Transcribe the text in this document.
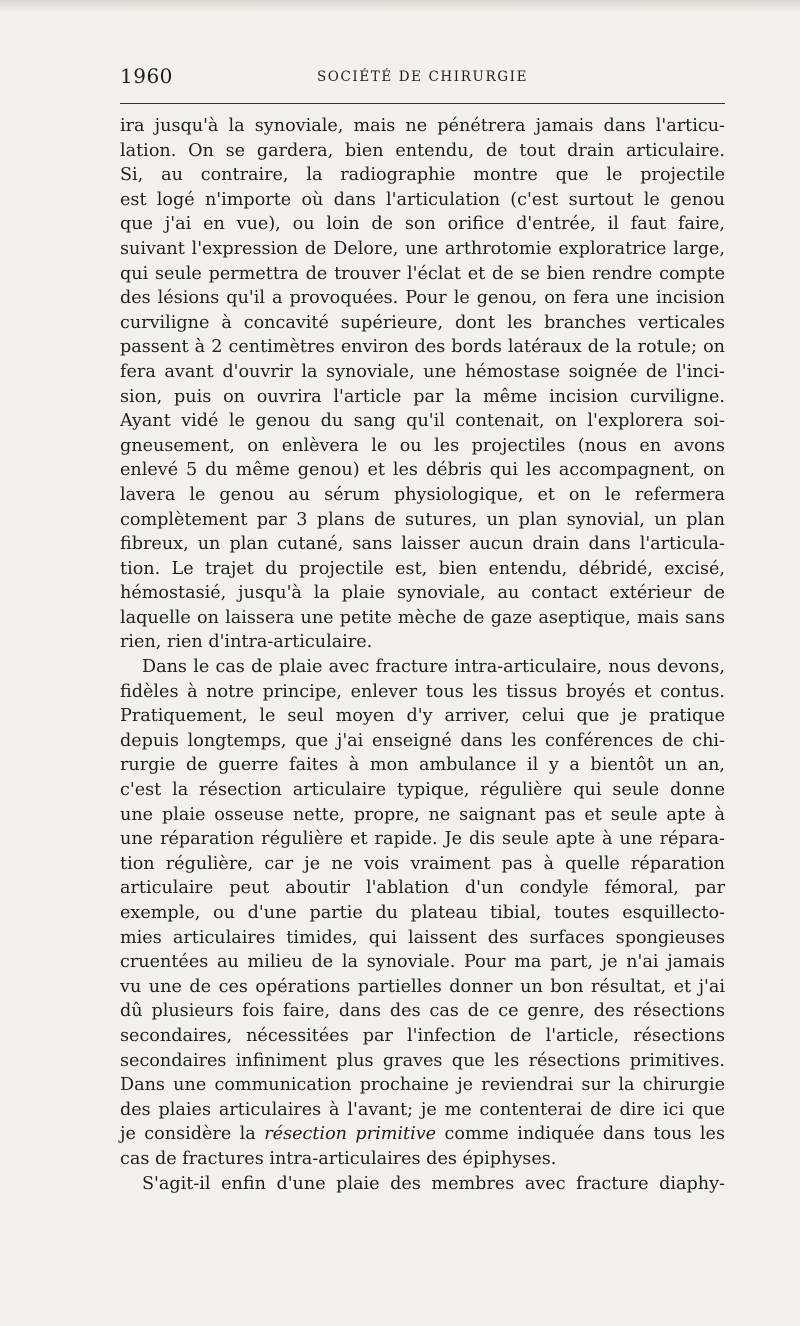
1960	SOCIÉTÉ DE CHIRURGIE
ira jusqu'à la synoviale, mais ne pénétrera jamais dans l'articu-
lation. On se gardera, bien entendu, de tout drain articulaire.
Si, au contraire, la radiographie montre que le projectile
est logé n'importe où dans l'articulation (c'est surtout le genou
que j'ai en vue), ou loin de son orifice d'entrée, il faut faire,
suivant l'expression de Delore, une arthrotomie exploratrice large,
qui seule permettra de trouver l'éclat et de se bien rendre compte
des lésions qu'il a provoquées. Pour le genou, on fera une incision
curviligne à concavité supérieure, dont les branches verticales
passent à 2 centimètres environ des bords latéraux de la rotule; on
fera avant d'ouvrir la synoviale, une hémostase soignée de l'inci-
sion, puis on ouvrira l'article par la même incision curviligne.
Ayant vidé le genou du sang qu'il contenait, on l'explorera soi-
gneusement, on enlèvera le ou les projectiles (nous en avons
enlevé 5 du même genou) et les débris qui les accompagnent, on
lavera le genou au sérum physiologique, et on le refermera
complètement par 3 plans de sutures, un plan synovial, un plan
fibreux, un plan cutané, sans laisser aucun drain dans l'articula-
tion. Le trajet du projectile est, bien entendu, débridé, excisé,
hémostasié, jusqu'à la plaie synoviale, au contact extérieur de
laquelle on laissera une petite mèche de gaze aseptique, mais sans
rien, rien d'intra-articulaire.
Dans le cas de plaie avec fracture intra-articulaire, nous devons,
fidèles à notre principe, enlever tous les tissus broyés et contus.
Pratiquement, le seul moyen d'y arriver, celui que je pratique
depuis longtemps, que j'ai enseigné dans les conférences de chi-
rurgie de guerre faites à mon ambulance il y a bientôt un an,
c'est la résection articulaire typique, régulière qui seule donne
une plaie osseuse nette, propre, ne saignant pas et seule apte à
une réparation régulière et rapide. Je dis seule apte à une répara-
tion régulière, car je ne vois vraiment pas à quelle réparation
articulaire peut aboutir l'ablation d'un condyle fémoral, par
exemple, ou d'une partie du plateau tibial, toutes esquillecto-
mies articulaires timides, qui laissent des surfaces spongieuses
cruentées au milieu de la synoviale. Pour ma part, je n'ai jamais
vu une de ces opérations partielles donner un bon résultat, et j'ai
dû plusieurs fois faire, dans des cas de ce genre, des résections
secondaires, nécessitées par l'infection de l'article, résections
secondaires infiniment plus graves que les résections primitives.
Dans une communication prochaine je reviendrai sur la chirurgie
des plaies articulaires à l'avant; je me contenterai de dire ici que
je considère la résection primitive comme indiquée dans tous les
cas de fractures intra-articulaires des épiphyses.
S'agit-il enfin d'une plaie des membres avec fracture diaphy-
